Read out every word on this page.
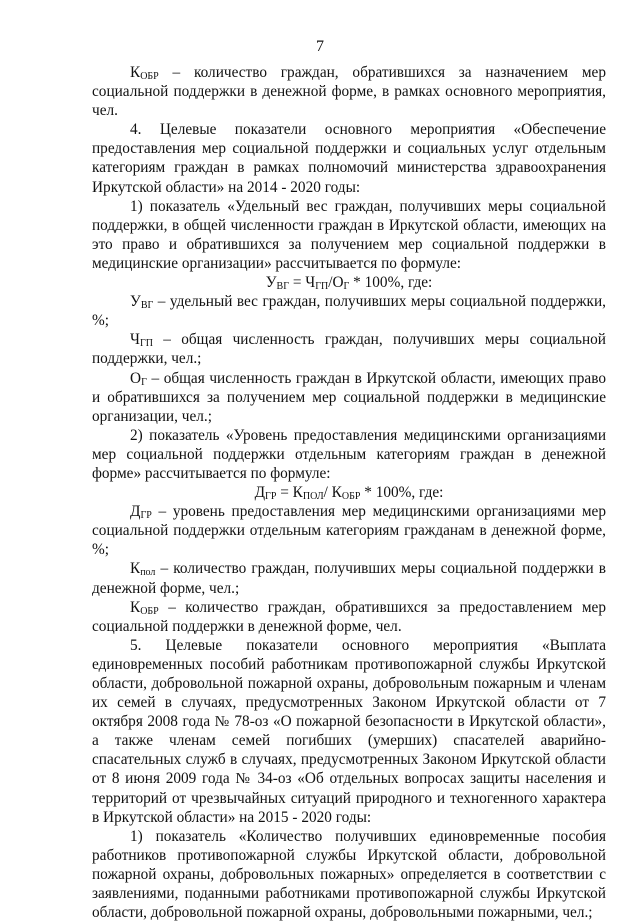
7

$К_{ОБР}$ – количество граждан, обратившихся за назначением мер социальной поддержки в денежной форме, в рамках основного мероприятия, чел.

4. Целевые показатели основного мероприятия «Обеспечение предоставления мер социальной поддержки и социальных услуг отдельным категориям граждан в рамках полномочий министерства здравоохранения Иркутской области» на 2014 - 2020 годы:

1) показатель «Удельный вес граждан, получивших меры социальной поддержки, в общей численности граждан в Иркутской области, имеющих на это право и обратившихся за получением мер социальной поддержки в медицинские организации» рассчитывается по формуле:

$У_{ВГ} = Ч_{ГП}/О_Г * 100\%$, где:

$У_{ВГ}$ – удельный вес граждан, получивших меры социальной поддержки, %;

$Ч_{ГП}$ – общая численность граждан, получивших меры социальной поддержки, чел.;

$О_Г$ – общая численность граждан в Иркутской области, имеющих право и обратившихся за получением мер социальной поддержки в медицинские организации, чел.;

2) показатель «Уровень предоставления медицинскими организациями мер социальной поддержки отдельным категориям граждан в денежной форме» рассчитывается по формуле:

$Д_{ГР} = К_{ПОЛ}/$ $К_{ОБР} * 100\%$, где:

$Д_{ГР}$ – уровень предоставления мер медицинскими организациями мер социальной поддержки отдельным категориям гражданам в денежной форме, %;

$К_{пол}$ – количество граждан, получивших меры социальной поддержки в денежной форме, чел.;

$К_{ОБР}$ – количество граждан, обратившихся за предоставлением мер социальной поддержки в денежной форме, чел.

5. Целевые показатели основного мероприятия «Выплата единовременных пособий работникам противопожарной службы Иркутской области, добровольной пожарной охраны, добровольным пожарным и членам их семей в случаях, предусмотренных Законом Иркутской области от 7 октября 2008 года № 78-оз «О пожарной безопасности в Иркутской области», а также членам семей погибших (умерших) спасателей аварийно-спасательных служб в случаях, предусмотренных Законом Иркутской области от 8 июня 2009 года № 34-оз «Об отдельных вопросах защиты населения и территорий от чрезвычайных ситуаций природного и техногенного характера в Иркутской области» на 2015 - 2020 годы:

1) показатель «Количество получивших единовременные пособия работников противопожарной службы Иркутской области, добровольной пожарной охраны, добровольных пожарных» определяется в соответствии с заявлениями, поданными работниками противопожарной службы Иркутской области, добровольной пожарной охраны, добровольными пожарными, чел.;
